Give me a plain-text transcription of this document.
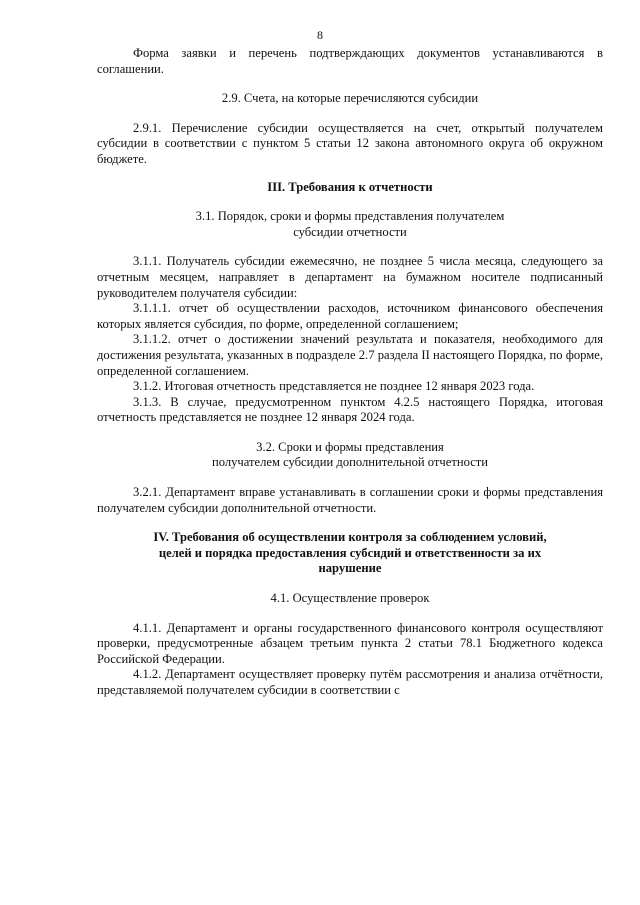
8

Форма заявки и перечень подтверждающих документов устанавливаются в соглашении.

2.9. Счета, на которые перечисляются субсидии

2.9.1. Перечисление субсидии осуществляется на счет, открытый получателем субсидии в соответствии с пунктом 5 статьи 12 закона автономного округа об окружном бюджете.

III. Требования к отчетности

3.1. Порядок, сроки и формы представления получателем

субсидии отчетности

3.1.1. Получатель субсидии ежемесячно, не позднее 5 числа месяца, следующего за отчетным месяцем, направляет в департамент на бумажном носителе подписанный руководителем получателя субсидии:

3.1.1.1. отчет об осуществлении расходов, источником финансового обеспечения которых является субсидия, по форме, определенной соглашением;

3.1.1.2. отчет о достижении значений результата и показателя, необходимого для достижения результата, указанных в подразделе 2.7 раздела II настоящего Порядка, по форме, определенной соглашением.

3.1.2. Итоговая отчетность представляется не позднее 12 января 2023 года.

3.1.3. В случае, предусмотренном пунктом 4.2.5 настоящего Порядка, итоговая отчетность представляется не позднее 12 января 2024 года.

3.2. Сроки и формы представления

получателем субсидии дополнительной отчетности

3.2.1. Департамент вправе устанавливать в соглашении сроки и формы представления получателем субсидии дополнительной отчетности.

IV. Требования об осуществлении контроля за соблюдением условий,

целей и порядка предоставления субсидий и ответственности за их

нарушение

4.1. Осуществление проверок

4.1.1. Департамент и органы государственного финансового контроля осуществляют проверки, предусмотренные абзацем третьим пункта 2 статьи 78.1 Бюджетного кодекса Российской Федерации.

4.1.2. Департамент осуществляет проверку путём рассмотрения и анализа отчётности, представляемой получателем субсидии в соответствии с
